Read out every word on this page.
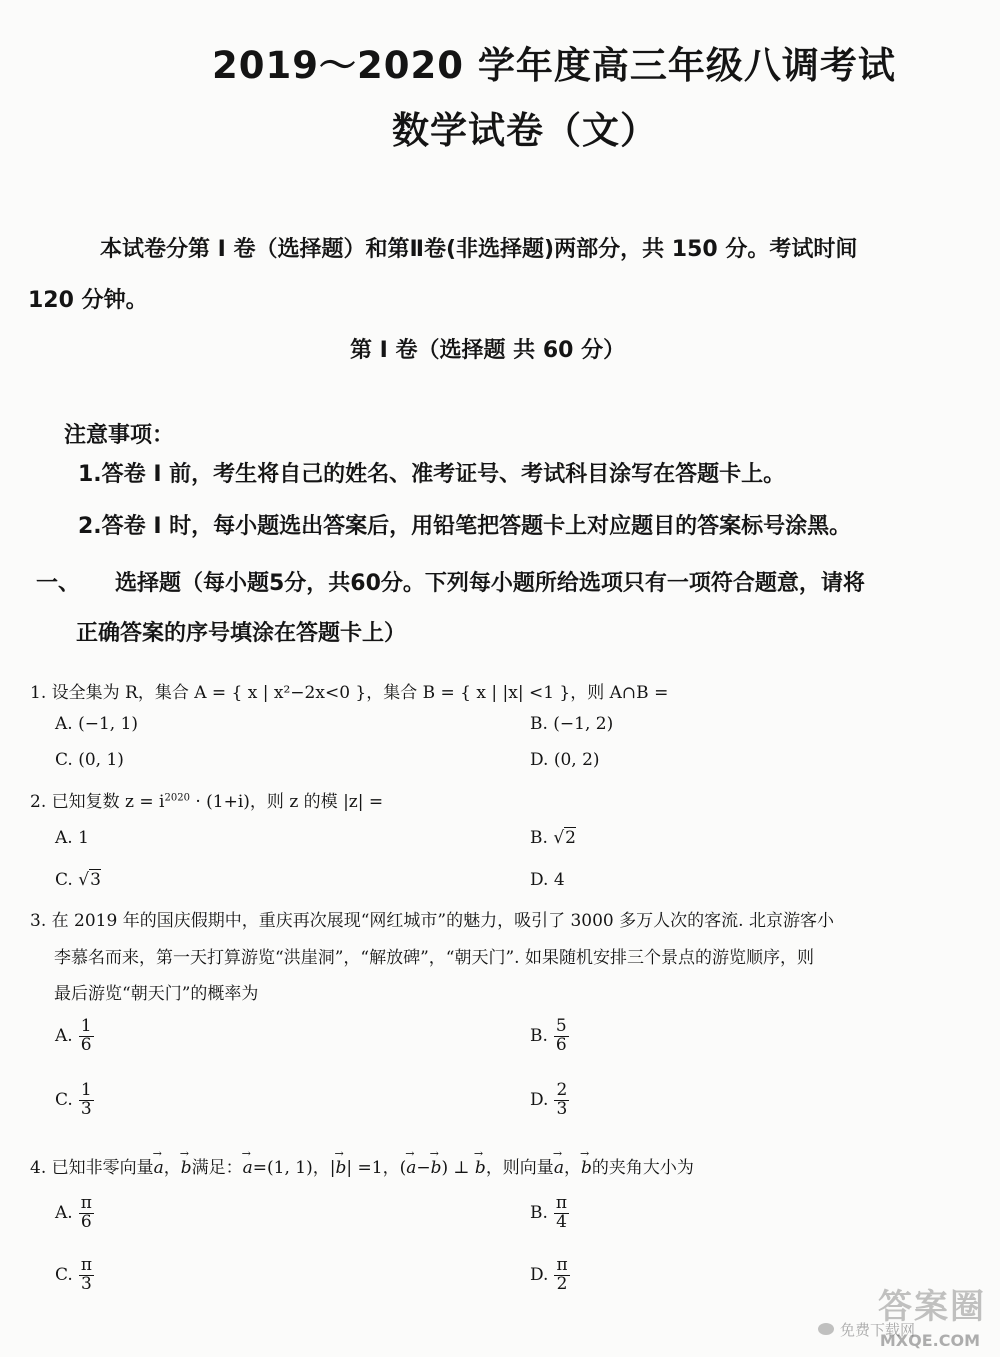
2019～2020 学年度高三年级八调考试
数学试卷（文）
本试卷分第 I 卷（选择题）和第Ⅱ卷(非选择题)两部分，共 150 分。考试时间
120 分钟。
第 I 卷（选择题 共 60 分）
注意事项：
1.答卷 I 前，考生将自己的姓名、准考证号、考试科目涂写在答题卡上。
2.答卷 I 时，每小题选出答案后，用铅笔把答题卡上对应题目的答案标号涂黑。
一、 选择题（每小题5分，共60分。下列每小题所给选项只有一项符合题意，请将
正确答案的序号填涂在答题卡上）
1. 设全集为 R，集合 A = { x | x²−2x<0 }，集合 B = { x | |x| <1 }，则 A∩B =
A. (−1, 1)	B. (−1, 2)
C. (0, 1)	D. (0, 2)
2. 已知复数 $z = i^{2020} \cdot (1+i)$，则 z 的模 |z| =
A. 1	B. √2
C. √3	D. 4
3. 在 2019 年的国庆假期中，重庆再次展现“网红城市”的魅力，吸引了 3000 多万人次的客流. 北京游客小
李慕名而来，第一天打算游览“洪崖洞”，“解放碑”，“朝天门”. 如果随机安排三个景点的游览顺序，则
最后游览“朝天门”的概率为
A. $\frac{1}{6}$	B. $\frac{5}{6}$
C. $\frac{1}{3}$	D. $\frac{2}{3}$
4. 已知非零向量→ a，→ b满足：→ a=(1, 1)，|→ b| =1，(→ a−→ b) ⊥ → b，则向量→ a，→ b的夹角大小为
A. $\frac{\pi}{6}$	B. $\frac{\pi}{4}$
C. $\frac{\pi}{3}$	D. $\frac{\pi}{2}$
答案圈
免费下载网
MXQE.COM
